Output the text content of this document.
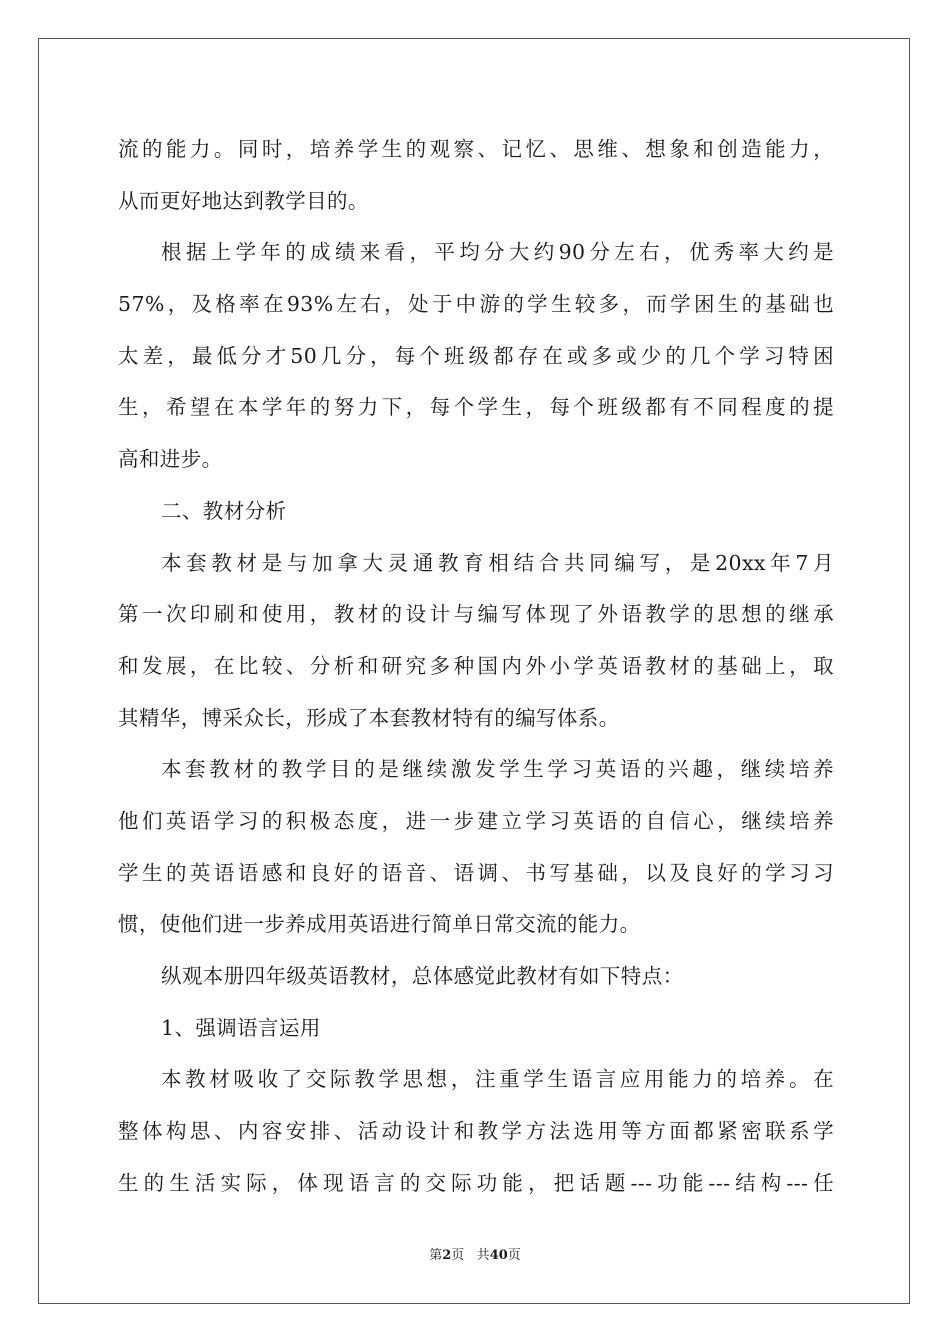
流的能力。同时，培养学生的观察、记忆、思维、想象和创造能力，
从而更好地达到教学目的。
根据上学年的成绩来看，平均分大约90分左右，优秀率大约是
57%，及格率在93%左右，处于中游的学生较多，而学困生的基础也
太差，最低分才50几分，每个班级都存在或多或少的几个学习特困
生，希望在本学年的努力下，每个学生，每个班级都有不同程度的提
高和进步。
二、教材分析
本套教材是与加拿大灵通教育相结合共同编写，是20xx年7月
第一次印刷和使用，教材的设计与编写体现了外语教学的思想的继承
和发展，在比较、分析和研究多种国内外小学英语教材的基础上，取
其精华，博采众长，形成了本套教材特有的编写体系。
本套教材的教学目的是继续激发学生学习英语的兴趣，继续培养
他们英语学习的积极态度，进一步建立学习英语的自信心，继续培养
学生的英语语感和良好的语音、语调、书写基础，以及良好的学习习
惯，使他们进一步养成用英语进行简单日常交流的能力。
纵观本册四年级英语教材，总体感觉此教材有如下特点：
1、强调语言运用
本教材吸收了交际教学思想，注重学生语言应用能力的培养。在
整体构思、内容安排、活动设计和教学方法选用等方面都紧密联系学
生的生活实际，体现语言的交际功能，把话题---功能---结构---任
第2页 共40页
